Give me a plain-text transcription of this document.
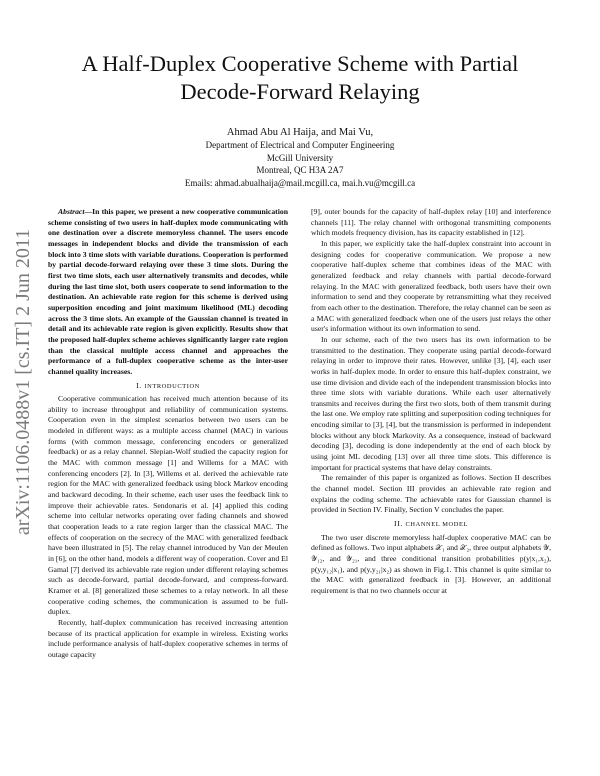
A Half-Duplex Cooperative Scheme with Partial
Decode-Forward Relaying
Ahmad Abu Al Haija, and Mai Vu,
Department of Electrical and Computer Engineering
McGill University
Montreal, QC H3A 2A7
Emails: ahmad.abualhaija@mail.mcgill.ca, mai.h.vu@mcgill.ca
arXiv:1106.0488v1 [cs.IT] 2 Jun 2011

Abstract—In this paper, we present a new cooperative communication scheme consisting of two users in half-duplex mode communicating with one destination over a discrete memoryless channel. The users encode messages in independent blocks and divide the transmission of each block into 3 time slots with variable durations. Cooperation is performed by partial decode-forward relaying over these 3 time slots. During the first two time slots, each user alternatively transmits and decodes, while during the last time slot, both users cooperate to send information to the destination. An achievable rate region for this scheme is derived using superposition encoding and joint maximum likelihood (ML) decoding across the 3 time slots. An example of the Gaussian channel is treated in detail and its achievable rate region is given explicitly. Results show that the proposed half-duplex scheme achieves significantly larger rate region than the classical multiple access channel and approaches the performance of a full-duplex cooperative scheme as the inter-user channel quality increases.

I. INTRODUCTION

Cooperative communication has received much attention because of its ability to increase throughput and reliability of communication systems. Cooperation even in the simplest scenarios between two users can be modeled in different ways: as a multiple access channel (MAC) in various forms (with common message, conferencing encoders or generalized feedback) or as a relay channel. Slepian-Wolf studied the capacity region for the MAC with common message [1] and Willems for a MAC with conferencing encoders [2]. In [3], Willems et al. derived the achievable rate region for the MAC with generalized feedback using block Markov encoding and backward decoding. In their scheme, each user uses the feedback link to improve their achievable rates. Sendonaris et al. [4] applied this coding scheme into cellular networks operating over fading channels and showed that cooperation leads to a rate region larger than the classical MAC. The effects of cooperation on the secrecy of the MAC with generalized feedback have been illustrated in [5]. The relay channel introduced by Van der Meulen in [6], on the other hand, models a different way of cooperation. Cover and El Gamal [7] derived its achievable rate region under different relaying schemes such as decode-forward, partial decode-forward, and compress-forward. Kramer et al. [8] generalized these schemes to a relay network. In all these cooperative coding schemes, the communication is assumed to be full-duplex.

Recently, half-duplex communication has received increasing attention because of its practical application for example in wireless. Existing works include performance analysis of half-duplex cooperative schemes in terms of outage capacity

[9], outer bounds for the capacity of half-duplex relay [10] and interference channels [11]. The relay channel with orthogonal transmitting components which models frequency division, has its capacity established in [12].

In this paper, we explicitly take the half-duplex constraint into account in designing codes for cooperative communication. We propose a new cooperative half-duplex scheme that combines ideas of the MAC with generalized feedback and relay channels with partial decode-forward relaying. In the MAC with generalized feedback, both users have their own information to send and they cooperate by retransmitting what they received from each other to the destination. Therefore, the relay channel can be seen as a MAC with generalized feedback when one of the users just relays the other user's information without its own information to send.

In our scheme, each of the two users has its own information to be transmitted to the destination. They cooperate using partial decode-forward relaying in order to improve their rates. However, unlike [3], [4], each user works in half-duplex mode. In order to ensure this half-duplex constraint, we use time division and divide each of the independent transmission blocks into three time slots with variable durations. While each user alternatively transmits and receives during the first two slots, both of them transmit during the last one. We employ rate splitting and superposition coding techniques for encoding similar to [3], [4], but the transmission is performed in independent blocks without any block Markovity. As a consequence, instead of backward decoding [3], decoding is done independently at the end of each block by using joint ML decoding [13] over all three time slots. This difference is important for practical systems that have delay constraints.

The remainder of this paper is organized as follows. Section II describes the channel model. Section III provides an achievable rate region and explains the coding scheme. The achievable rates for Gaussian channel is provided in Section IV. Finally, Section V concludes the paper.

II. CHANNEL MODEL

The two user discrete memoryless half-duplex cooperative MAC can be defined as follows. Two input alphabets 𝒳₁ and 𝒳₂, three output alphabets 𝒴, 𝒴₁₂, and 𝒴₂₁, and three conditional transition probabilities p(y|x₁,x₂), p(y,y₁₂|x₁), and p(y,y₂₁|x₂) as shown in Fig.1. This channel is quite similar to the MAC with generalized feedback in [3]. However, an additional requirement is that no two channels occur at
